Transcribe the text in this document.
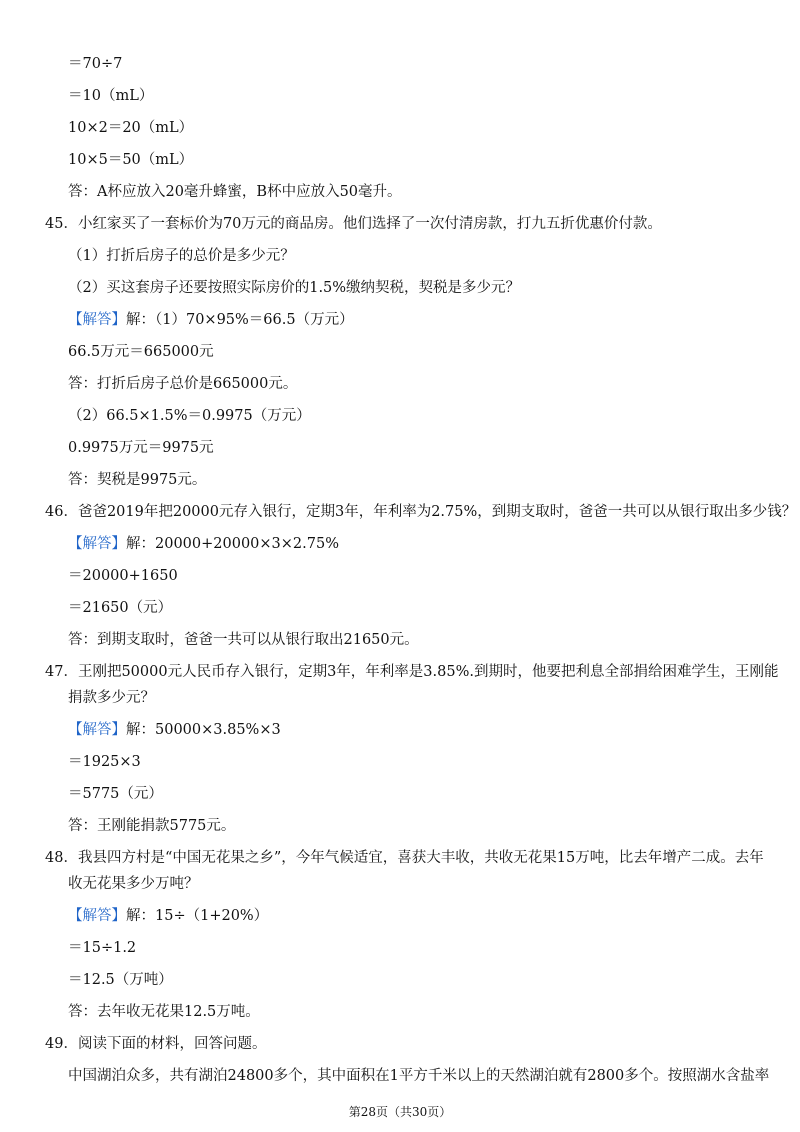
＝70÷7
＝10（mL）
10×2＝20（mL）
10×5＝50（mL）
答：A杯应放入20毫升蜂蜜，B杯中应放入50毫升。
45．小红家买了一套标价为70万元的商品房。他们选择了一次付清房款，打九五折优惠价付款。
（1）打折后房子的总价是多少元？
（2）买这套房子还要按照实际房价的1.5%缴纳契税，契税是多少元？
【解答】解：（1）70×95%＝66.5（万元）
66.5万元＝665000元
答：打折后房子总价是665000元。
（2）66.5×1.5%＝0.9975（万元）
0.9975万元＝9975元
答：契税是9975元。
46．爸爸2019年把20000元存入银行，定期3年，年利率为2.75%，到期支取时，爸爸一共可以从银行取出多少钱？
【解答】解：20000+20000×3×2.75%
＝20000+1650
＝21650（元）
答：到期支取时，爸爸一共可以从银行取出21650元。
47．王刚把50000元人民币存入银行，定期3年，年利率是3.85%.到期时，他要把利息全部捐给困难学生，王刚能
捐款多少元？
【解答】解：50000×3.85%×3
＝1925×3
＝5775（元）
答：王刚能捐款5775元。
48．我县四方村是“中国无花果之乡”，今年气候适宜，喜获大丰收，共收无花果15万吨，比去年增产二成。去年
收无花果多少万吨？
【解答】解：15÷（1+20%）
＝15÷1.2
＝12.5（万吨）
答：去年收无花果12.5万吨。
49．阅读下面的材料，回答问题。
中国湖泊众多，共有湖泊24800多个，其中面积在1平方千米以上的天然湖泊就有2800多个。按照湖水含盐率
第28页（共30页）
